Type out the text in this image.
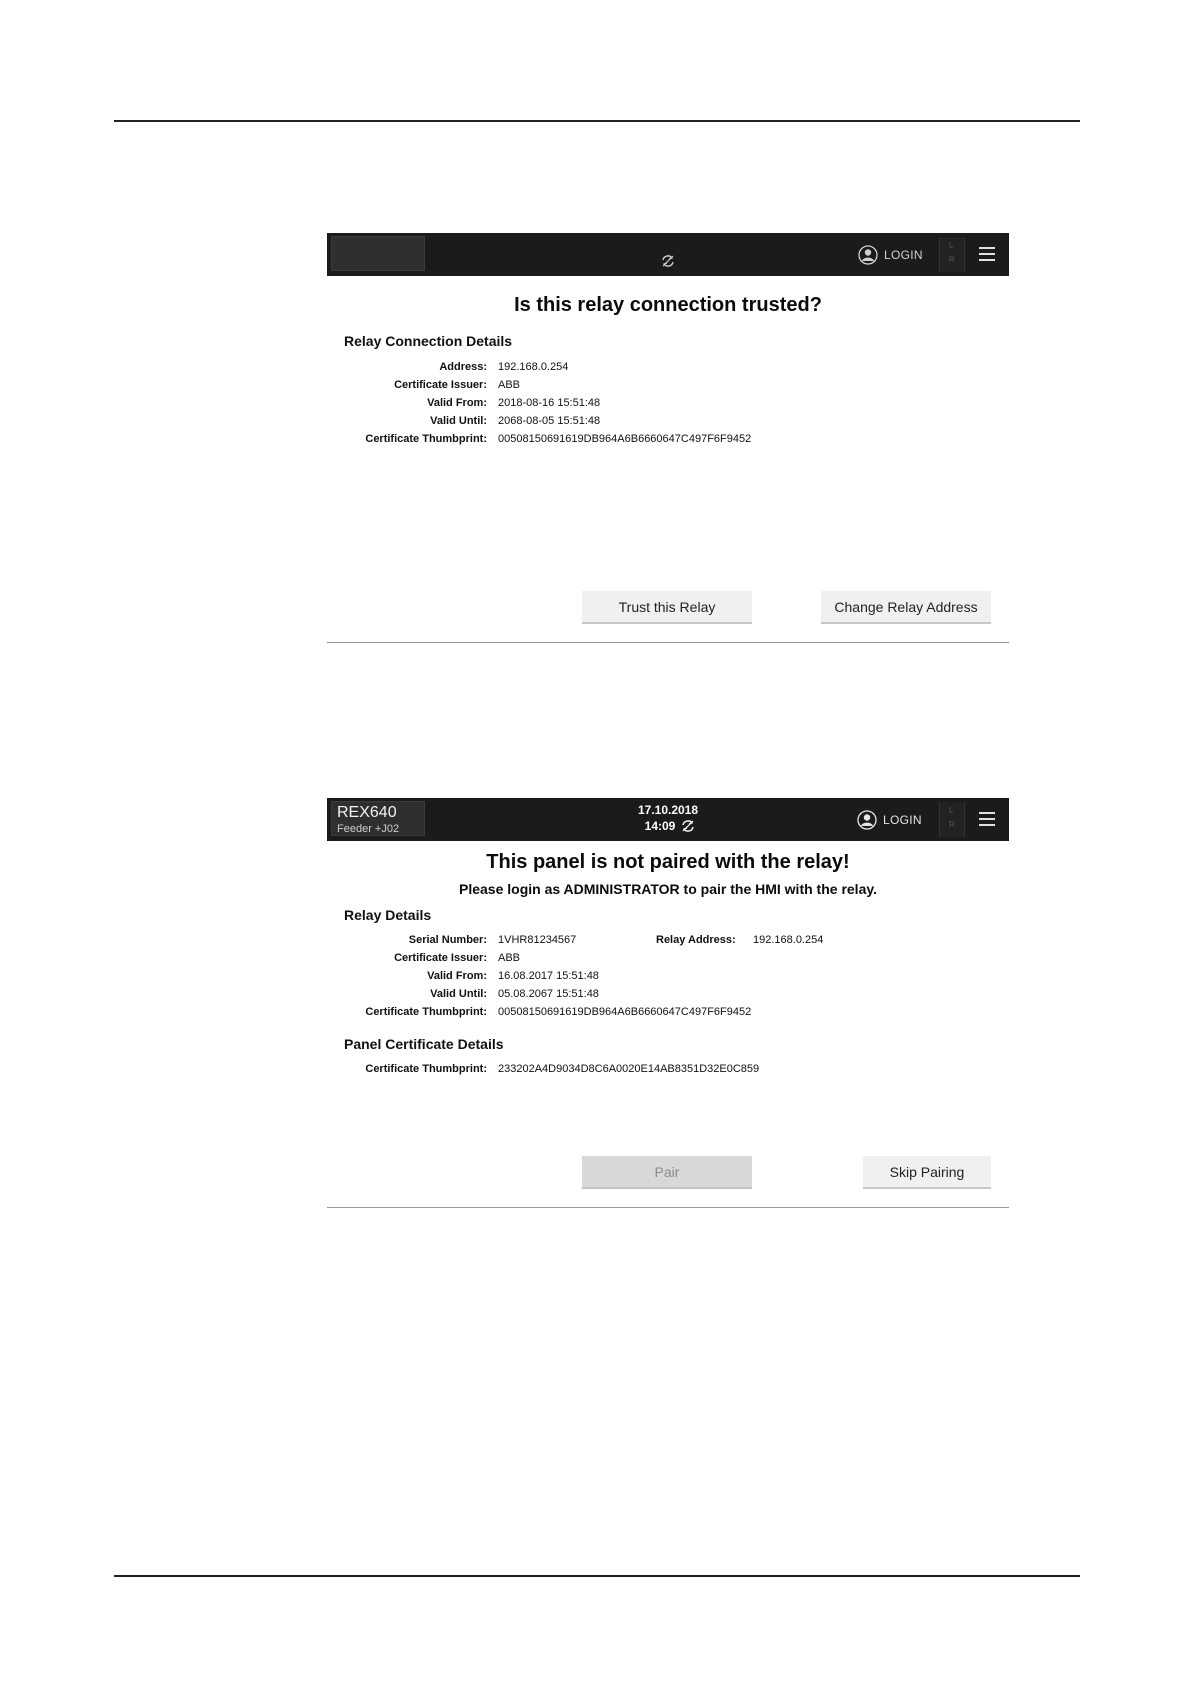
LOGIN
L
R
Is this relay connection trusted?
Relay Connection Details
Address: 192.168.0.254
Certificate Issuer: ABB
Valid From: 2018-08-16 15:51:48
Valid Until: 2068-08-05 15:51:48
Certificate Thumbprint: 00508150691619DB964A6B6660647C497F6F9452
Trust this Relay	Change Relay Address
REX640
Feeder +J02
17.10.2018
14:09	LOGIN
L
R
This panel is not paired with the relay!
Please login as ADMINISTRATOR to pair the HMI with the relay.
Relay Details
Serial Number: 1VHR81234567	Relay Address: 192.168.0.254
Certificate Issuer: ABB
Valid From: 16.08.2017 15:51:48
Valid Until: 05.08.2067 15:51:48
Certificate Thumbprint: 00508150691619DB964A6B6660647C497F6F9452
Panel Certificate Details
Certificate Thumbprint: 233202A4D9034D8C6A0020E14AB8351D32E0C859
Pair	Skip Pairing
